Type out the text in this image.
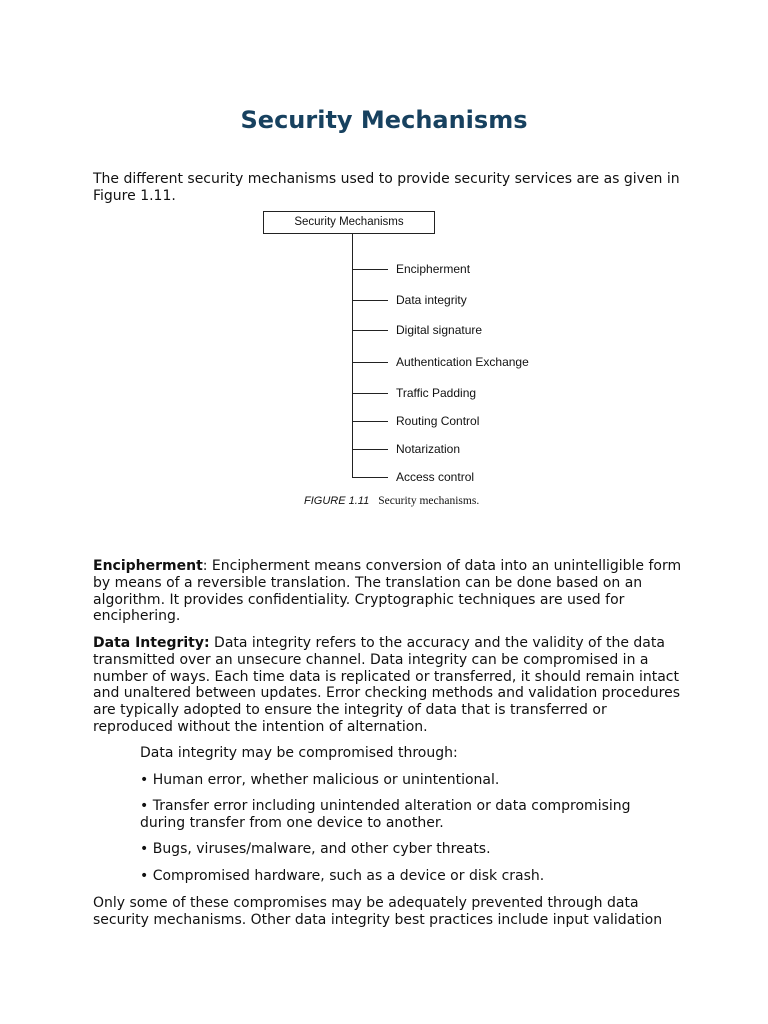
Security Mechanisms

The different security mechanisms used to provide security services are as given in Figure 1.11.

Security Mechanisms
Encipherment
Data integrity
Digital signature
Authentication Exchange
Traffic Padding
Routing Control
Notarization
Access control
FIGURE 1.11 Security mechanisms.

Encipherment: Encipherment means conversion of data into an unintelligible form by means of a reversible translation. The translation can be done based on an algorithm. It provides confidentiality. Cryptographic techniques are used for enciphering.

Data Integrity: Data integrity refers to the accuracy and the validity of the data transmitted over an unsecure channel. Data integrity can be compromised in a number of ways. Each time data is replicated or transferred, it should remain intact and unaltered between updates. Error checking methods and validation procedures are typically adopted to ensure the integrity of data that is transferred or reproduced without the intention of alternation.

Data integrity may be compromised through:

• Human error, whether malicious or unintentional.

• Transfer error including unintended alteration or data compromising during transfer from one device to another.

• Bugs, viruses/malware, and other cyber threats.

• Compromised hardware, such as a device or disk crash.

Only some of these compromises may be adequately prevented through data security mechanisms. Other data integrity best practices include input validation
